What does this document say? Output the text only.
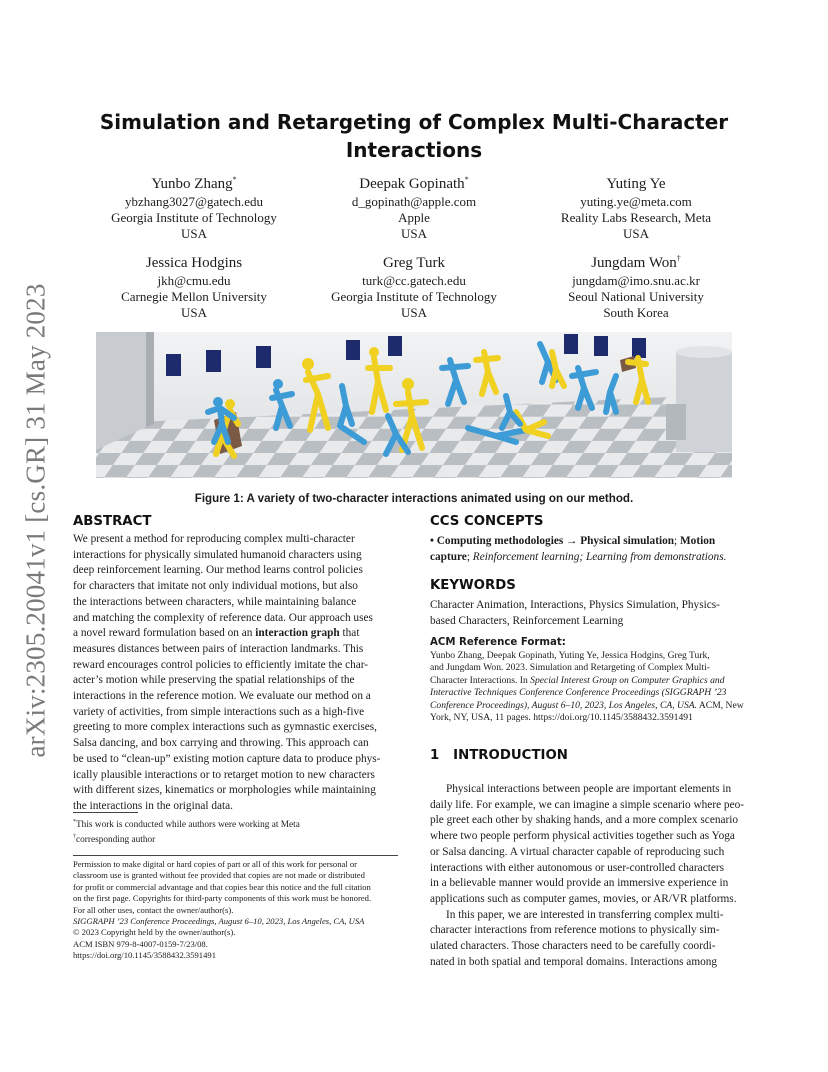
arXiv:2305.20041v1 [cs.GR] 31 May 2023
Simulation and Retargeting of Complex Multi-Character Interactions
Yunbo Zhang*
ybzhang3027@gatech.edu
Georgia Institute of Technology
USA
Deepak Gopinath*
d_gopinath@apple.com
Apple
USA
Yuting Ye
yuting.ye@meta.com
Reality Labs Research, Meta
USA
Jessica Hodgins
jkh@cmu.edu
Carnegie Mellon University
USA
Greg Turk
turk@cc.gatech.edu
Georgia Institute of Technology
USA
Jungdam Won†
jungdam@imo.snu.ac.kr
Seoul National University
South Korea
Figure 1: A variety of two-character interactions animated using on our method.
ABSTRACT
We present a method for reproducing complex multi-character
interactions for physically simulated humanoid characters using
deep reinforcement learning. Our method learns control policies
for characters that imitate not only individual motions, but also
the interactions between characters, while maintaining balance
and matching the complexity of reference data. Our approach uses
a novel reward formulation based on an interaction graph that
measures distances between pairs of interaction landmarks. This
reward encourages control policies to efficiently imitate the char-
acter’s motion while preserving the spatial relationships of the
interactions in the reference motion. We evaluate our method on a
variety of activities, from simple interactions such as a high-five
greeting to more complex interactions such as gymnastic exercises,
Salsa dancing, and box carrying and throwing. This approach can
be used to “clean-up” existing motion capture data to produce phys-
ically plausible interactions or to retarget motion to new characters
with different sizes, kinematics or morphologies while maintaining
the interactions in the original data.
*This work is conducted while authors were working at Meta
†corresponding author
Permission to make digital or hard copies of part or all of this work for personal or
classroom use is granted without fee provided that copies are not made or distributed
for profit or commercial advantage and that copies bear this notice and the full citation
on the first page. Copyrights for third-party components of this work must be honored.
For all other uses, contact the owner/author(s).
SIGGRAPH ’23 Conference Proceedings, August 6–10, 2023, Los Angeles, CA, USA
© 2023 Copyright held by the owner/author(s).
ACM ISBN 979-8-4007-0159-7/23/08.
https://doi.org/10.1145/3588432.3591491
CCS CONCEPTS
• Computing methodologies → Physical simulation; Motion
capture; Reinforcement learning; Learning from demonstrations.
KEYWORDS
Character Animation, Interactions, Physics Simulation, Physics-
based Characters, Reinforcement Learning
ACM Reference Format:
Yunbo Zhang, Deepak Gopinath, Yuting Ye, Jessica Hodgins, Greg Turk,
and Jungdam Won. 2023. Simulation and Retargeting of Complex Multi-
Character Interactions. In Special Interest Group on Computer Graphics and
Interactive Techniques Conference Conference Proceedings (SIGGRAPH ’23
Conference Proceedings), August 6–10, 2023, Los Angeles, CA, USA. ACM, New
York, NY, USA, 11 pages. https://doi.org/10.1145/3588432.3591491
1 INTRODUCTION
Physical interactions between people are important elements in
daily life. For example, we can imagine a simple scenario where peo-
ple greet each other by shaking hands, and a more complex scenario
where two people perform physical activities together such as Yoga
or Salsa dancing. A virtual character capable of reproducing such
interactions with either autonomous or user-controlled characters
in a believable manner would provide an immersive experience in
applications such as computer games, movies, or AR/VR platforms.
In this paper, we are interested in transferring complex multi-
character interactions from reference motions to physically sim-
ulated characters. Those characters need to be carefully coordi-
nated in both spatial and temporal domains. Interactions among
